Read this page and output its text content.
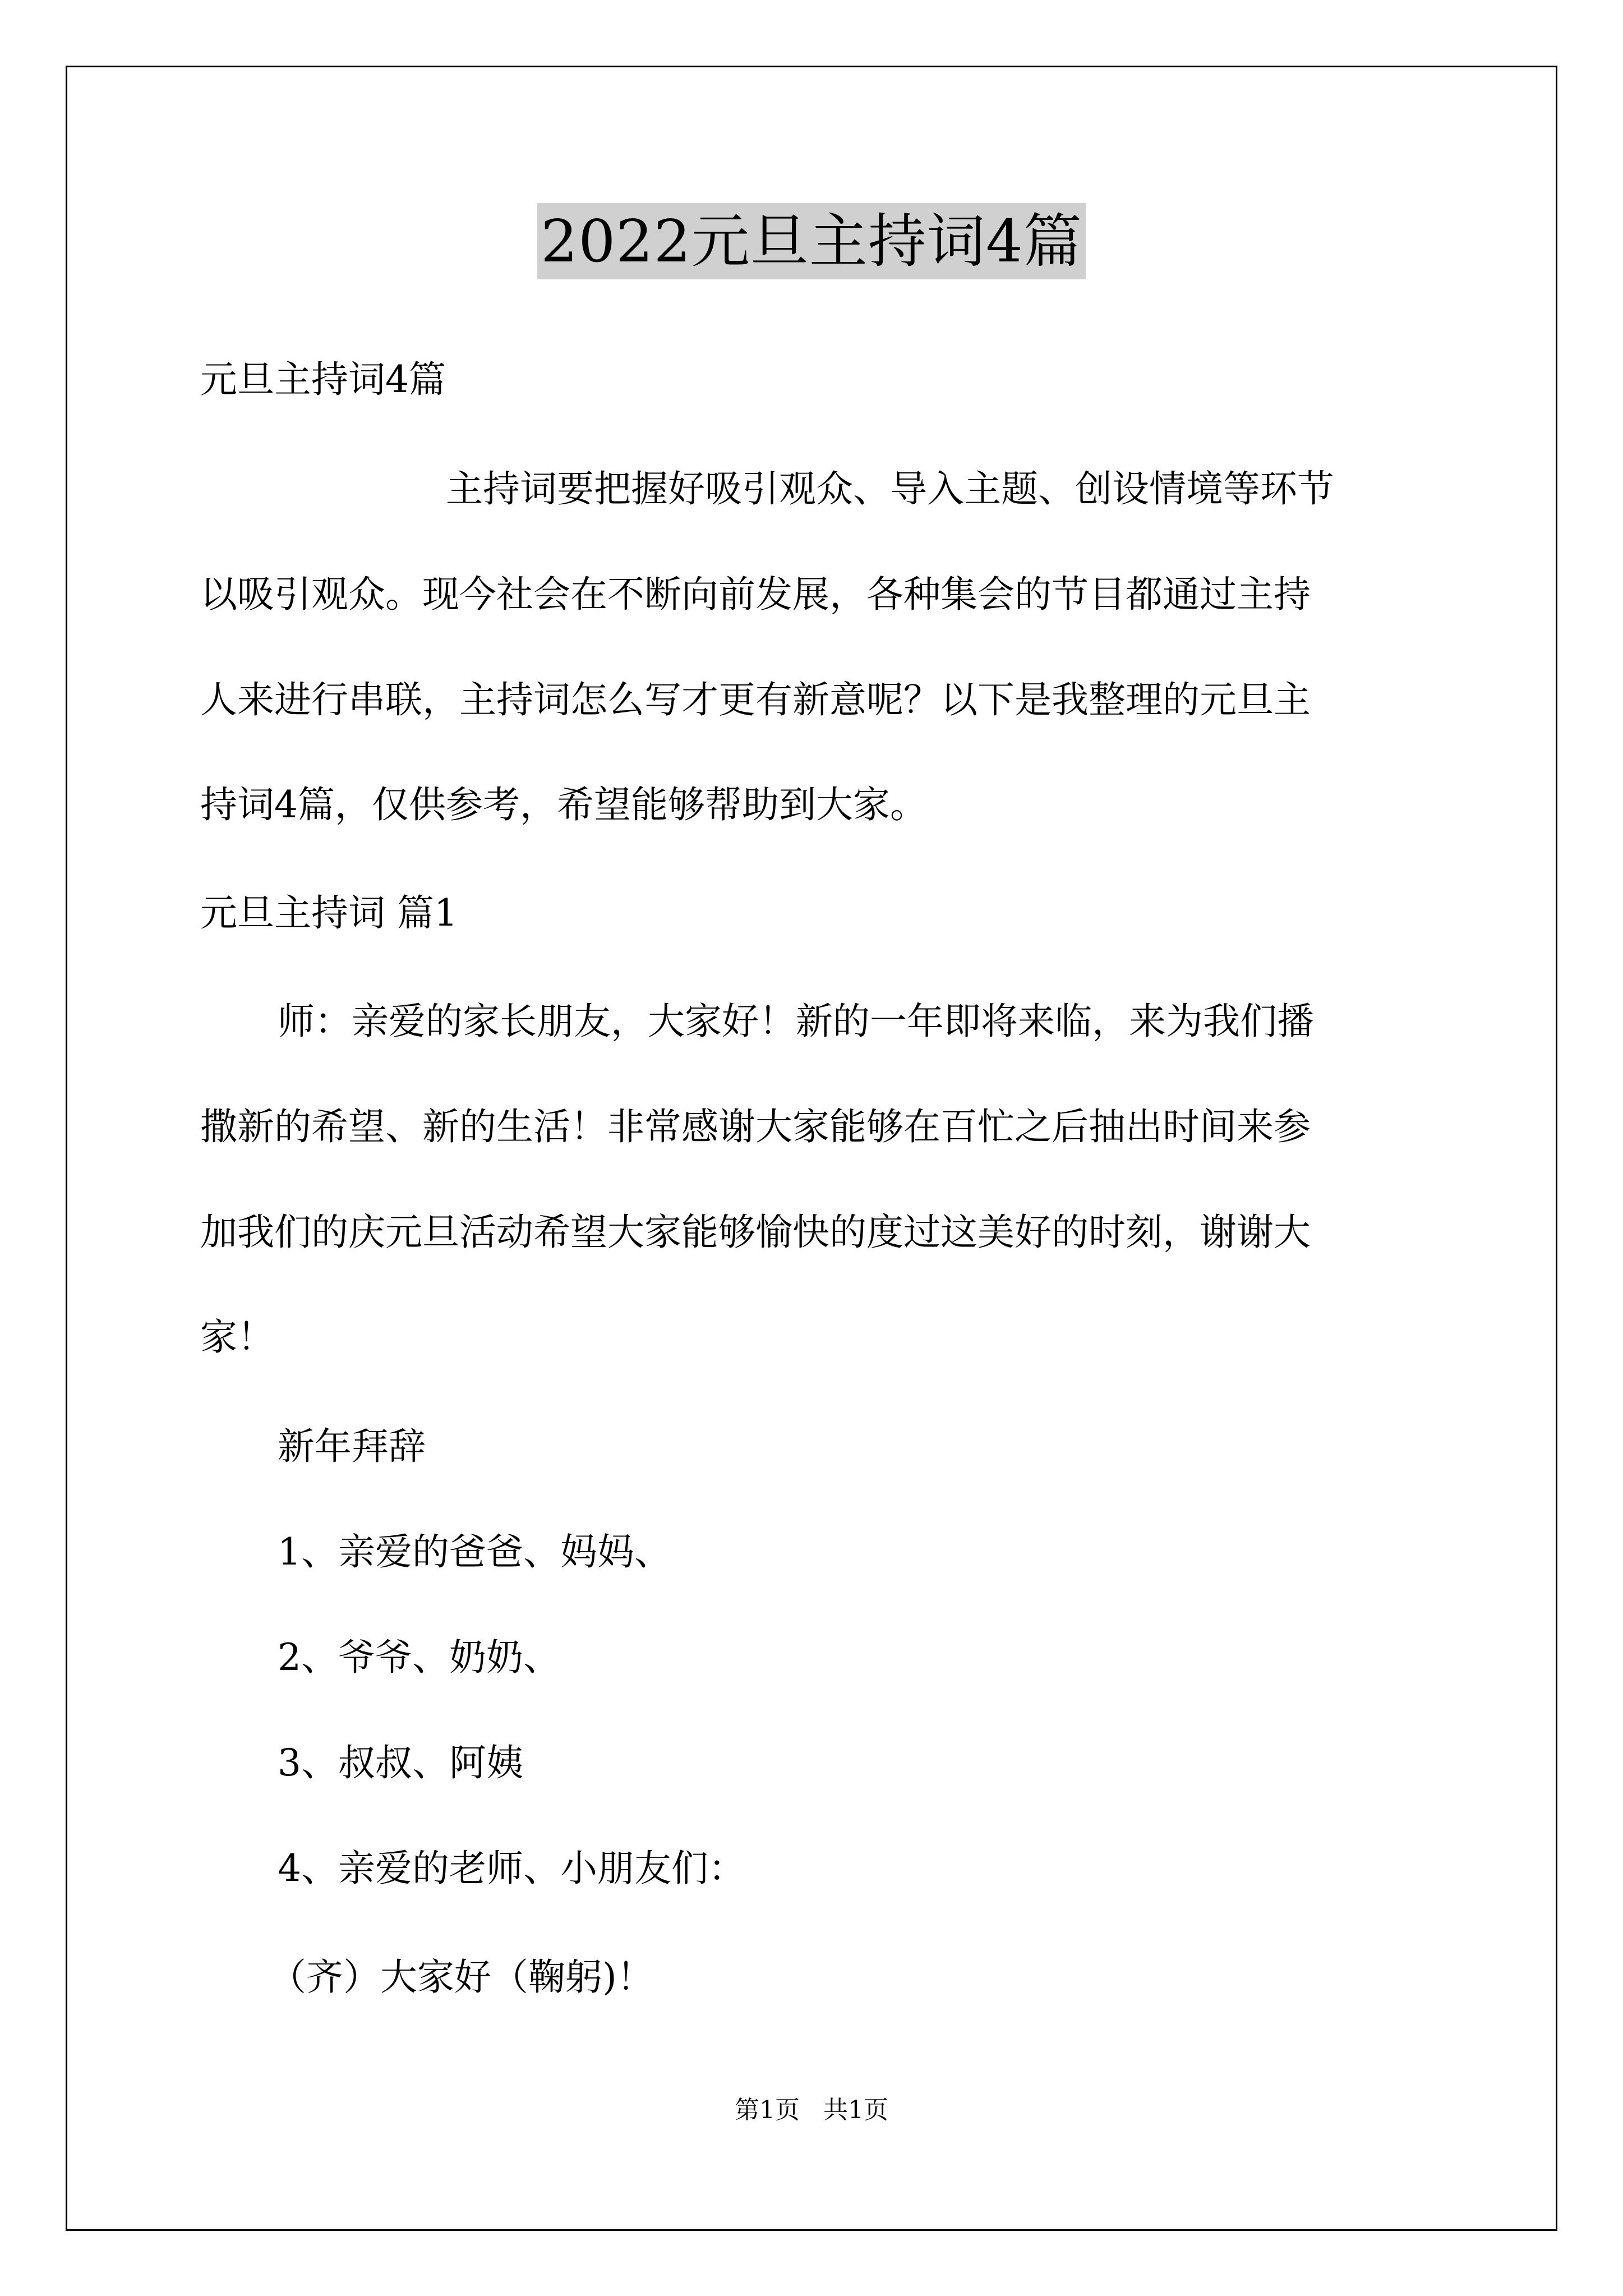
2022元旦主持词4篇
元旦主持词4篇
主持词要把握好吸引观众、导入主题、创设情境等环节
以吸引观众。现今社会在不断向前发展，各种集会的节目都通过主持
人来进行串联，主持词怎么写才更有新意呢？以下是我整理的元旦主
持词4篇，仅供参考，希望能够帮助到大家。
元旦主持词 篇1
师：亲爱的家长朋友，大家好！新的一年即将来临，来为我们播
撒新的希望、新的生活！非常感谢大家能够在百忙之后抽出时间来参
加我们的庆元旦活动希望大家能够愉快的度过这美好的时刻，谢谢大
家！
新年拜辞
1、亲爱的爸爸、妈妈、
2、爷爷、奶奶、
3、叔叔、阿姨
4、亲爱的老师、小朋友们：
（齐）大家好（鞠躬)！
第1页   共1页
